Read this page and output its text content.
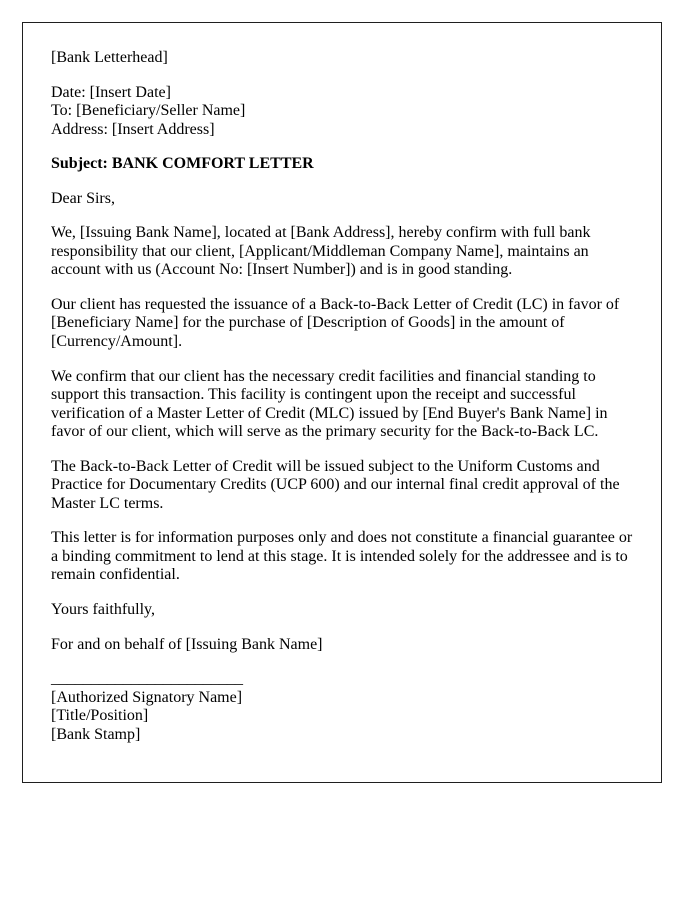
[Bank Letterhead]

Date: [Insert Date]
To: [Beneficiary/Seller Name]
Address: [Insert Address]

Subject: BANK COMFORT LETTER

Dear Sirs,

We, [Issuing Bank Name], located at [Bank Address], hereby confirm with full bank responsibility that our client, [Applicant/Middleman Company Name], maintains an account with us (Account No: [Insert Number]) and is in good standing.

Our client has requested the issuance of a Back-to-Back Letter of Credit (LC) in favor of [Beneficiary Name] for the purchase of [Description of Goods] in the amount of [Currency/Amount].

We confirm that our client has the necessary credit facilities and financial standing to support this transaction. This facility is contingent upon the receipt and successful verification of a Master Letter of Credit (MLC) issued by [End Buyer's Bank Name] in favor of our client, which will serve as the primary security for the Back-to-Back LC.

The Back-to-Back Letter of Credit will be issued subject to the Uniform Customs and Practice for Documentary Credits (UCP 600) and our internal final credit approval of the Master LC terms.

This letter is for information purposes only and does not constitute a financial guarantee or a binding commitment to lend at this stage. It is intended solely for the addressee and is to remain confidential.

Yours faithfully,

For and on behalf of [Issuing Bank Name]

________________________
[Authorized Signatory Name]
[Title/Position]
[Bank Stamp]
